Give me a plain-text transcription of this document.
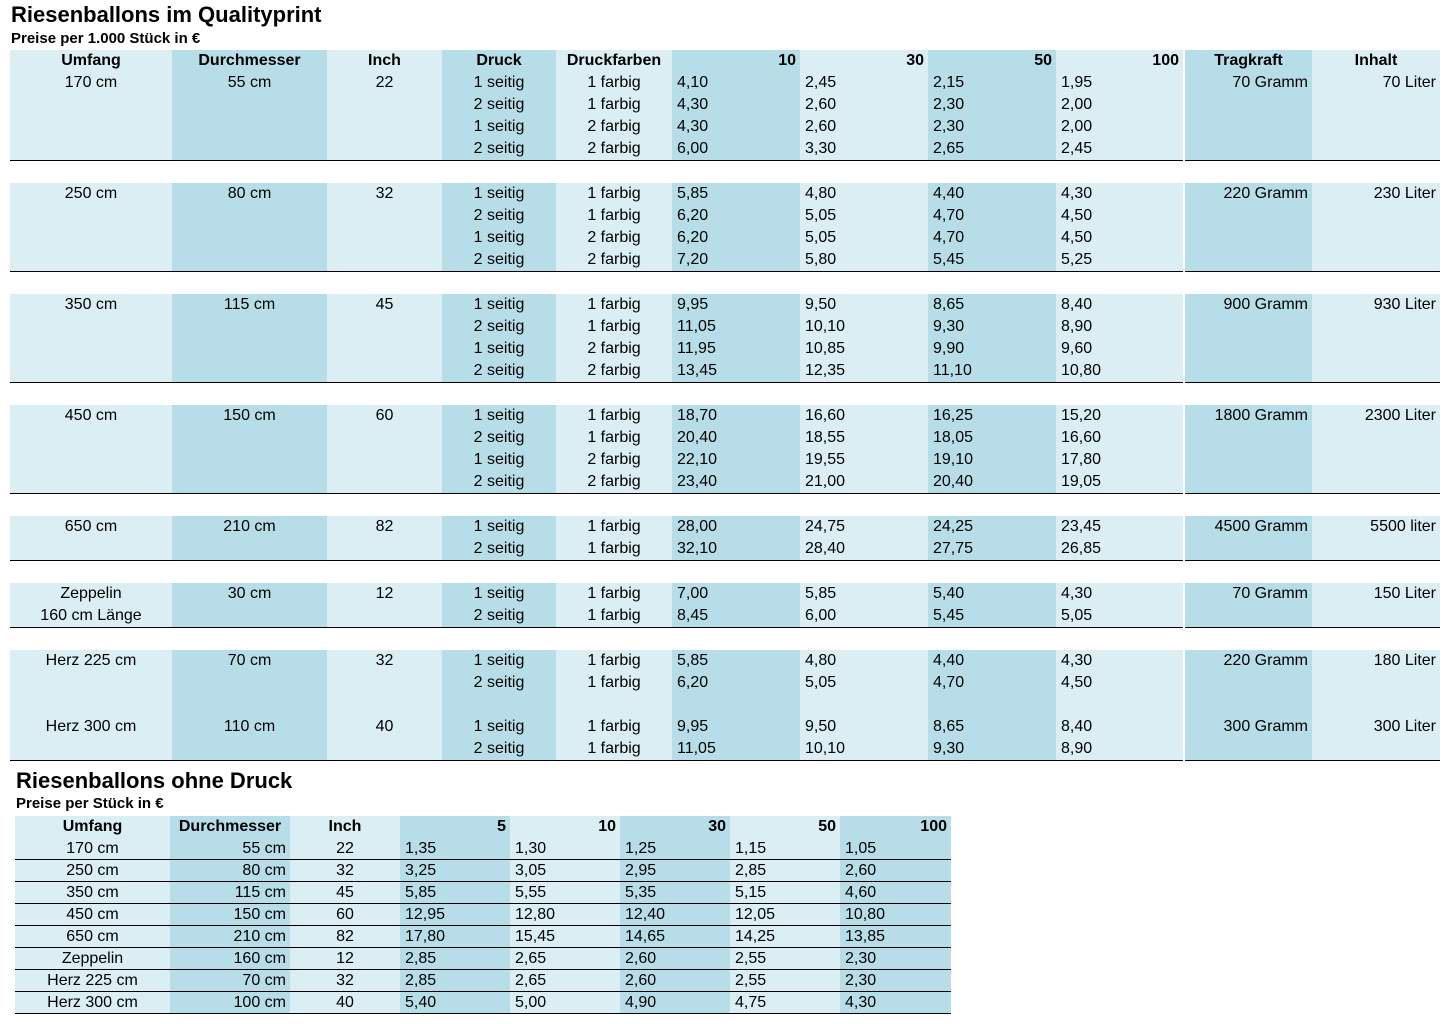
Riesenballons im Qualityprint
Preise per 1.000 Stück in €
Umfang	Durchmesser	Inch	Druck	Druckfarben	10	30	50	100	Tragkraft	Inhalt
170 cm	55 cm	22	1 seitig	1 farbig	4,10	2,45	2,15	1,95	70 Gramm	70 Liter
			2 seitig	1 farbig	4,30	2,60	2,30	2,00		
			1 seitig	2 farbig	4,30	2,60	2,30	2,00		
			2 seitig	2 farbig	6,00	3,30	2,65	2,45		

250 cm	80 cm	32	1 seitig	1 farbig	5,85	4,80	4,40	4,30	220 Gramm	230 Liter
			2 seitig	1 farbig	6,20	5,05	4,70	4,50		
			1 seitig	2 farbig	6,20	5,05	4,70	4,50		
			2 seitig	2 farbig	7,20	5,80	5,45	5,25		

350 cm	115 cm	45	1 seitig	1 farbig	9,95	9,50	8,65	8,40	900 Gramm	930 Liter
			2 seitig	1 farbig	11,05	10,10	9,30	8,90		
			1 seitig	2 farbig	11,95	10,85	9,90	9,60		
			2 seitig	2 farbig	13,45	12,35	11,10	10,80		

450 cm	150 cm	60	1 seitig	1 farbig	18,70	16,60	16,25	15,20	1800 Gramm	2300 Liter
			2 seitig	1 farbig	20,40	18,55	18,05	16,60		
			1 seitig	2 farbig	22,10	19,55	19,10	17,80		
			2 seitig	2 farbig	23,40	21,00	20,40	19,05		

650 cm	210 cm	82	1 seitig	1 farbig	28,00	24,75	24,25	23,45	4500 Gramm	5500 liter
			2 seitig	1 farbig	32,10	28,40	27,75	26,85		

Zeppelin	30 cm	12	1 seitig	1 farbig	7,00	5,85	5,40	4,30	70 Gramm	150 Liter
160 cm Länge			2 seitig	1 farbig	8,45	6,00	5,45	5,05		

Herz 225 cm	70 cm	32	1 seitig	1 farbig	5,85	4,80	4,40	4,30	220 Gramm	180 Liter
			2 seitig	1 farbig	6,20	5,05	4,70	4,50		

Herz 300 cm	110 cm	40	1 seitig	1 farbig	9,95	9,50	8,65	8,40	300 Gramm	300 Liter
			2 seitig	1 farbig	11,05	10,10	9,30	8,90		
Riesenballons ohne Druck
Preise per Stück in €
Umfang	Durchmesser	Inch	5	10	30	50	100
170 cm	55 cm	22	1,35	1,30	1,25	1,15	1,05
250 cm	80 cm	32	3,25	3,05	2,95	2,85	2,60
350 cm	115 cm	45	5,85	5,55	5,35	5,15	4,60
450 cm	150 cm	60	12,95	12,80	12,40	12,05	10,80
650 cm	210 cm	82	17,80	15,45	14,65	14,25	13,85
Zeppelin	160 cm	12	2,85	2,65	2,60	2,55	2,30
Herz 225 cm	70 cm	32	2,85	2,65	2,60	2,55	2,30
Herz 300 cm	100 cm	40	5,40	5,00	4,90	4,75	4,30
